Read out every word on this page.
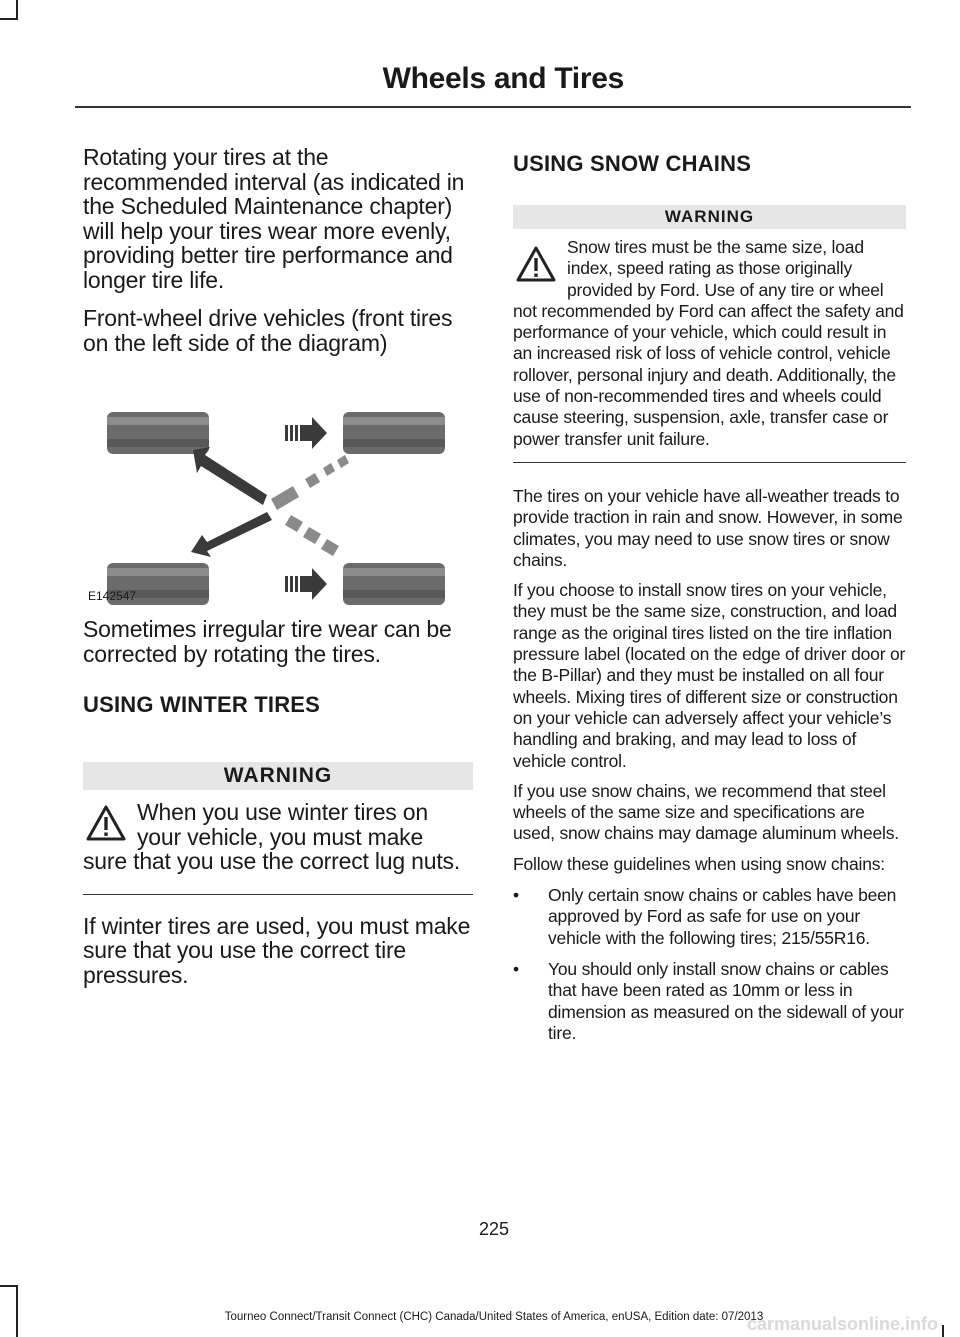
Wheels and Tires

Rotating your tires at the recommended interval (as indicated in the Scheduled Maintenance chapter) will help your tires wear more evenly, providing better tire performance and longer tire life.

Front-wheel drive vehicles (front tires on the left side of the diagram)

E142547

Sometimes irregular tire wear can be corrected by rotating the tires.

USING WINTER TIRES
WARNING

When you use winter tires on your vehicle, you must make sure that you use the correct lug nuts.

If winter tires are used, you must make sure that you use the correct tire pressures.

USING SNOW CHAINS
WARNING

Snow tires must be the same size, load index, speed rating as those originally provided by Ford. Use of any tire or wheel not recommended by Ford can affect the safety and performance of your vehicle, which could result in an increased risk of loss of vehicle control, vehicle rollover, personal injury and death. Additionally, the use of non-recommended tires and wheels could cause steering, suspension, axle, transfer case or power transfer unit failure.

The tires on your vehicle have all-weather treads to provide traction in rain and snow. However, in some climates, you may need to use snow tires or snow chains.

If you choose to install snow tires on your vehicle, they must be the same size, construction, and load range as the original tires listed on the tire inflation pressure label (located on the edge of driver door or the B-Pillar) and they must be installed on all four wheels. Mixing tires of different size or construction on your vehicle can adversely affect your vehicle’s handling and braking, and may lead to loss of vehicle control.

If you use snow chains, we recommend that steel wheels of the same size and specifications are used, snow chains may damage aluminum wheels.

Follow these guidelines when using snow chains:

• Only certain snow chains or cables have been approved by Ford as safe for use on your vehicle with the following tires; 215/55R16.
• You should only install snow chains or cables that have been rated as 10mm or less in dimension as measured on the sidewall of your tire.
225
Tourneo Connect/Transit Connect (CHC) Canada/United States of America, enUSA, Edition date: 07/2013
carmanualsonline.info
